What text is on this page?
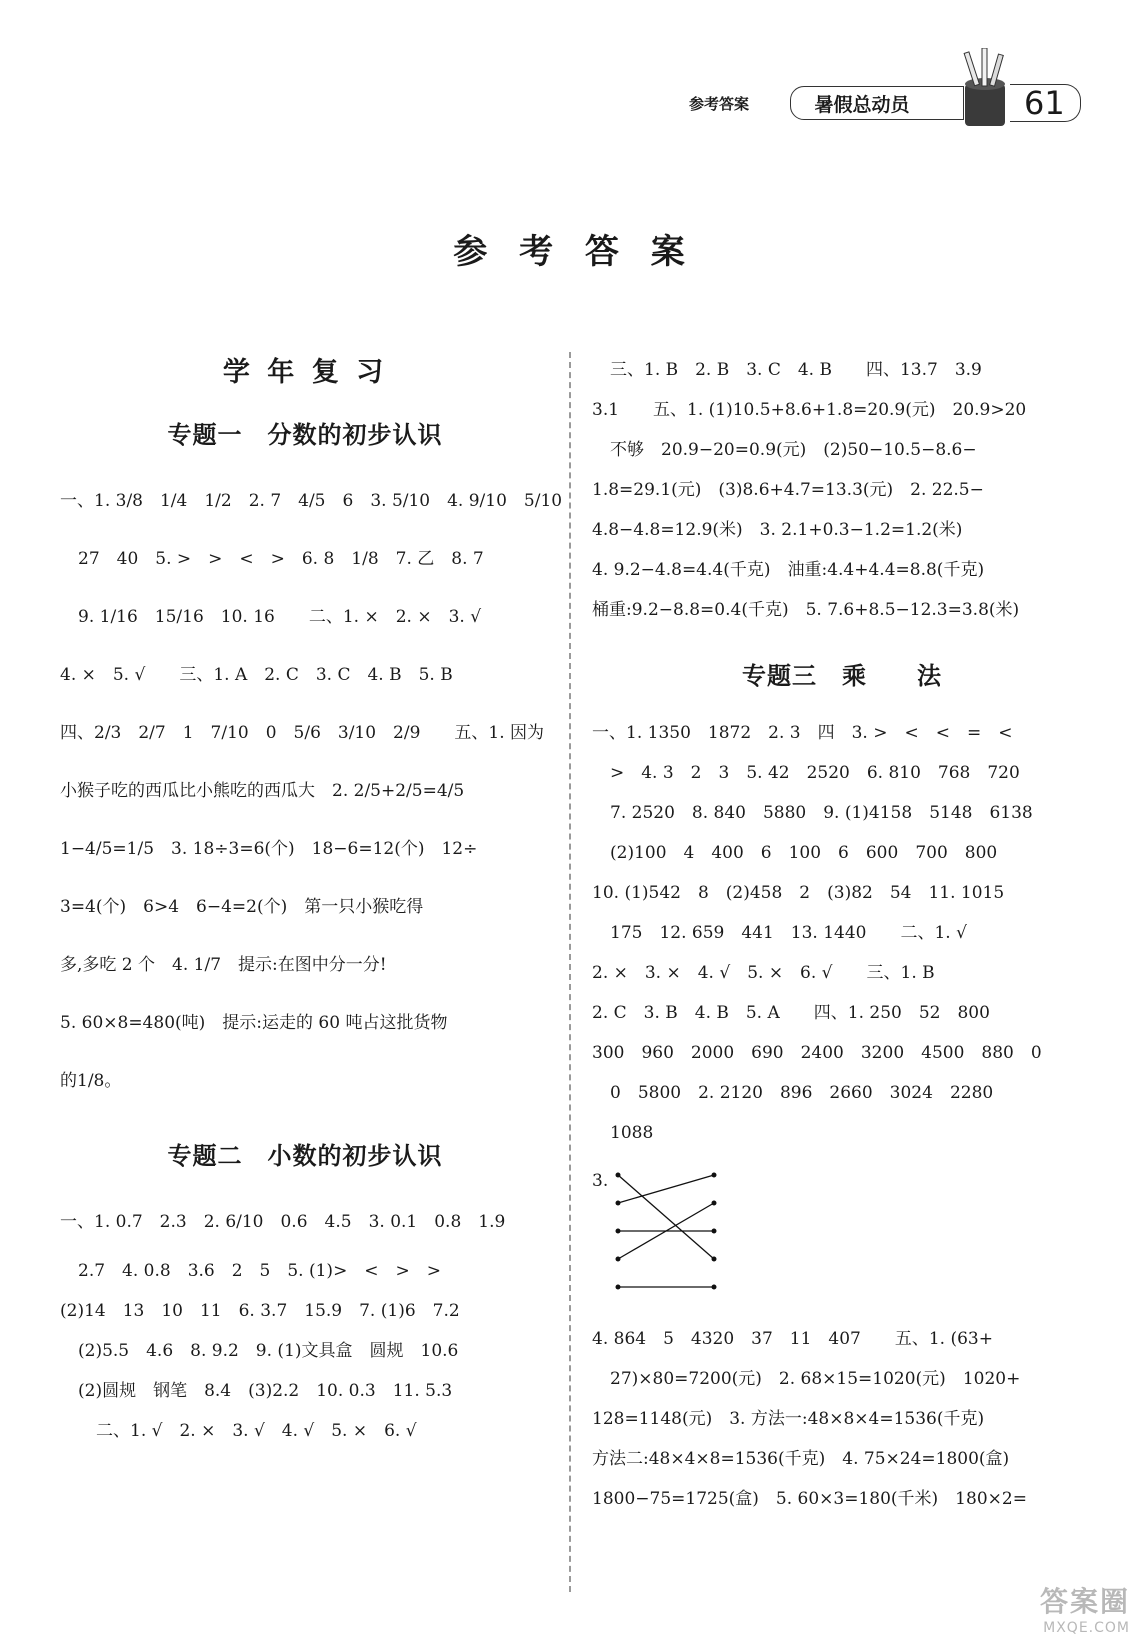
参考答案	暑假总动员	61
参 考 答 案
学 年 复 习
专题一　分数的初步认识

一、1. 3/8　1/4　1/2　2. 7　4/5　6　3. 5/10　4. 9/10　5/10

27　40　5. >　>　<　>　6. 8　1/8　7. 乙　8. 7

9. 1/16　15/16　10. 16　　二、1. ×　2. ×　3. √

4. ×　5. √　　三、1. A　2. C　3. C　4. B　5. B

四、2/3　2/7　1　7/10　0　5/6　3/10　2/9　　五、1. 因为

小猴子吃的西瓜比小熊吃的西瓜大　2. 2/5+2/5=4/5

1−4/5=1/5　3. 18÷3=6(个)　18−6=12(个)　12÷

3=4(个)　6>4　6−4=2(个)　第一只小猴吃得

多,多吃 2 个　4. 1/7　提示:在图中分一分!

5. 60×8=480(吨)　提示:运走的 60 吨占这批货物

的1/8。

专题二　小数的初步认识

一、1. 0.7　2.3　2. 6/10　0.6　4.5　3. 0.1　0.8　1.9

2.7　4. 0.8　3.6　2　5　5. (1)>　<　>　>

(2)14　13　10　11　6. 3.7　15.9　7. (1)6　7.2

(2)5.5　4.6　8. 9.2　9. (1)文具盒　圆规　10.6

(2)圆规　钢笔　8.4　(3)2.2　10. 0.3　11. 5.3

二、1. √　2. ×　3. √　4. √　5. ×　6. √

三、1. B　2. B　3. C　4. B　　四、13.7　3.9

3.1　　五、1. (1)10.5+8.6+1.8=20.9(元)　20.9>20

不够　20.9−20=0.9(元)　(2)50−10.5−8.6−

1.8=29.1(元)　(3)8.6+4.7=13.3(元)　2. 22.5−

4.8−4.8=12.9(米)　3. 2.1+0.3−1.2=1.2(米)

4. 9.2−4.8=4.4(千克)　油重:4.4+4.4=8.8(千克)

桶重:9.2−8.8=0.4(千克)　5. 7.6+8.5−12.3=3.8(米)

专题三　乘　　法

一、1. 1350　1872　2. 3　四　3. >　<　<　=　<

>　4. 3　2　3　5. 42　2520　6. 810　768　720

7. 2520　8. 840　5880　9. (1)4158　5148　6138

(2)100　4　400　6　100　6　600　700　800

10. (1)542　8　(2)458　2　(3)82　54　11. 1015

175　12. 659　441　13. 1440　　二、1. √

2. ×　3. ×　4. √　5. ×　6. √　　三、1. B

2. C　3. B　4. B　5. A　　四、1. 250　52　800

300　960　2000　690　2400　3200　4500　880　0

0　5800　2. 2120　896　2660　3024　2280

1088

3.

4. 864　5　4320　37　11　407　　五、1. (63+

27)×80=7200(元)　2. 68×15=1020(元)　1020+

128=1148(元)　3. 方法一:48×8×4=1536(千克)

方法二:48×4×8=1536(千克)　4. 75×24=1800(盒)

1800−75=1725(盒)　5. 60×3=180(千米)　180×2=

答案圈
MXQE.COM
